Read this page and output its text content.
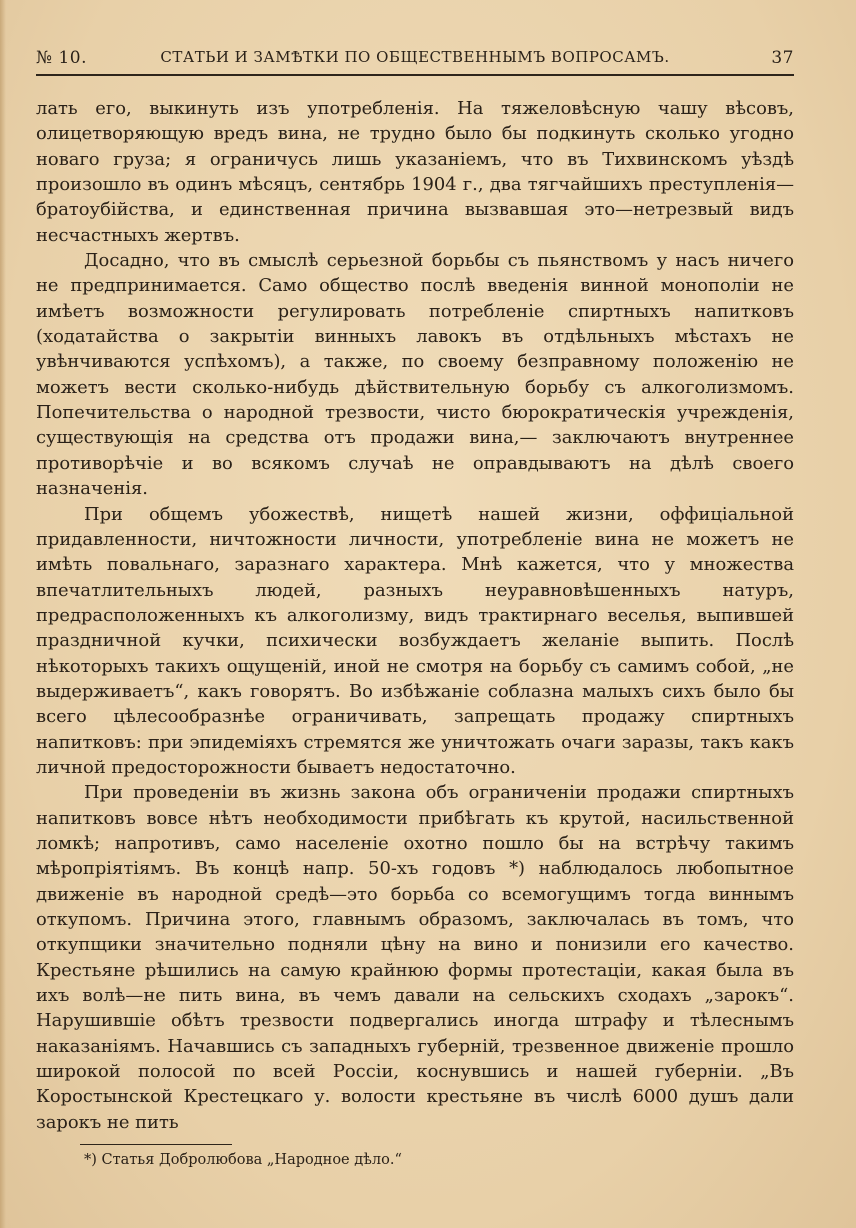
№ 10.	СТАТЬИ И ЗАМѢТКИ ПО ОБЩЕСТВЕННЫМЪ ВОПРОСАМЪ.	37

лать его, выкинуть изъ употребленія. На тяжеловѣсную чашу вѣсовъ, олицетворяющую вредъ вина, не трудно было бы подкинуть сколько угодно новаго груза; я ограничусь лишь указаніемъ, что въ Тихвинскомъ уѣздѣ произошло въ одинъ мѣсяцъ, сентябрь 1904 г., два тягчайшихъ преступленія—братоубійства, и единственная причина вызвавшая это—нетрезвый видъ несчастныхъ жертвъ.

Досадно, что въ смыслѣ серьезной борьбы съ пьянствомъ у насъ ничего не предпринимается. Само общество послѣ введенія винной монополіи не имѣетъ возможности регулировать потребленіе спиртныхъ напитковъ (ходатайства о закрытіи винныхъ лавокъ въ отдѣльныхъ мѣстахъ не увѣнчиваются успѣхомъ), а также, по своему безправному положенію не можетъ вести сколько-нибудь дѣйствительную борьбу съ алкоголизмомъ. Попечительства о народной трезвости, чисто бюрократическія учрежденія, существующія на средства отъ продажи вина,— заключаютъ внутреннее противорѣчіе и во всякомъ случаѣ не оправдываютъ на дѣлѣ своего назначенія.

При общемъ убожествѣ, нищетѣ нашей жизни, оффиціальной придавленности, ничтожности личности, употребленіе вина не можетъ не имѣть повальнаго, заразнаго характера. Мнѣ кажется, что у множества впечатлительныхъ людей, разныхъ неуравновѣшенныхъ натуръ, предрасположенныхъ къ алкоголизму, видъ трактирнаго веселья, выпившей праздничной кучки, психически возбуждаетъ желаніе выпить. Послѣ нѣкоторыхъ такихъ ощущеній, иной не смотря на борьбу съ самимъ собой, „не выдерживаетъ“, какъ говорятъ. Во избѣжаніе соблазна малыхъ сихъ было бы всего цѣлесообразнѣе ограничивать, запрещать продажу спиртныхъ напитковъ: при эпидеміяхъ стремятся же уничтожать очаги заразы, такъ какъ личной предосторожности бываетъ недостаточно.

При проведеніи въ жизнь закона объ ограниченіи продажи спиртныхъ напитковъ вовсе нѣтъ необходимости прибѣгать къ крутой, насильственной ломкѣ; напротивъ, само населеніе охотно пошло бы на встрѣчу такимъ мѣропріятіямъ. Въ концѣ напр. 50-хъ годовъ *) наблюдалось любопытное движеніе въ народной средѣ—это борьба со всемогущимъ тогда виннымъ откупомъ. Причина этого, главнымъ образомъ, заключалась въ томъ, что откупщики значительно подняли цѣну на вино и понизили его качество. Крестьяне рѣшились на самую крайнюю формы протестаціи, какая была въ ихъ волѣ—не пить вина, въ чемъ давали на сельскихъ сходахъ „зарокъ“. Нарушившіе обѣтъ трезвости подвергались иногда штрафу и тѣлеснымъ наказаніямъ. Начавшись съ западныхъ губерній, трезвенное движеніе прошло широкой полосой по всей Россіи, коснувшись и нашей губерніи. „Въ Коростынской Крестецкаго у. волости крестьяне въ числѣ 6000 душъ дали зарокъ не пить

*) Статья Добролюбова „Народное дѣло.“
